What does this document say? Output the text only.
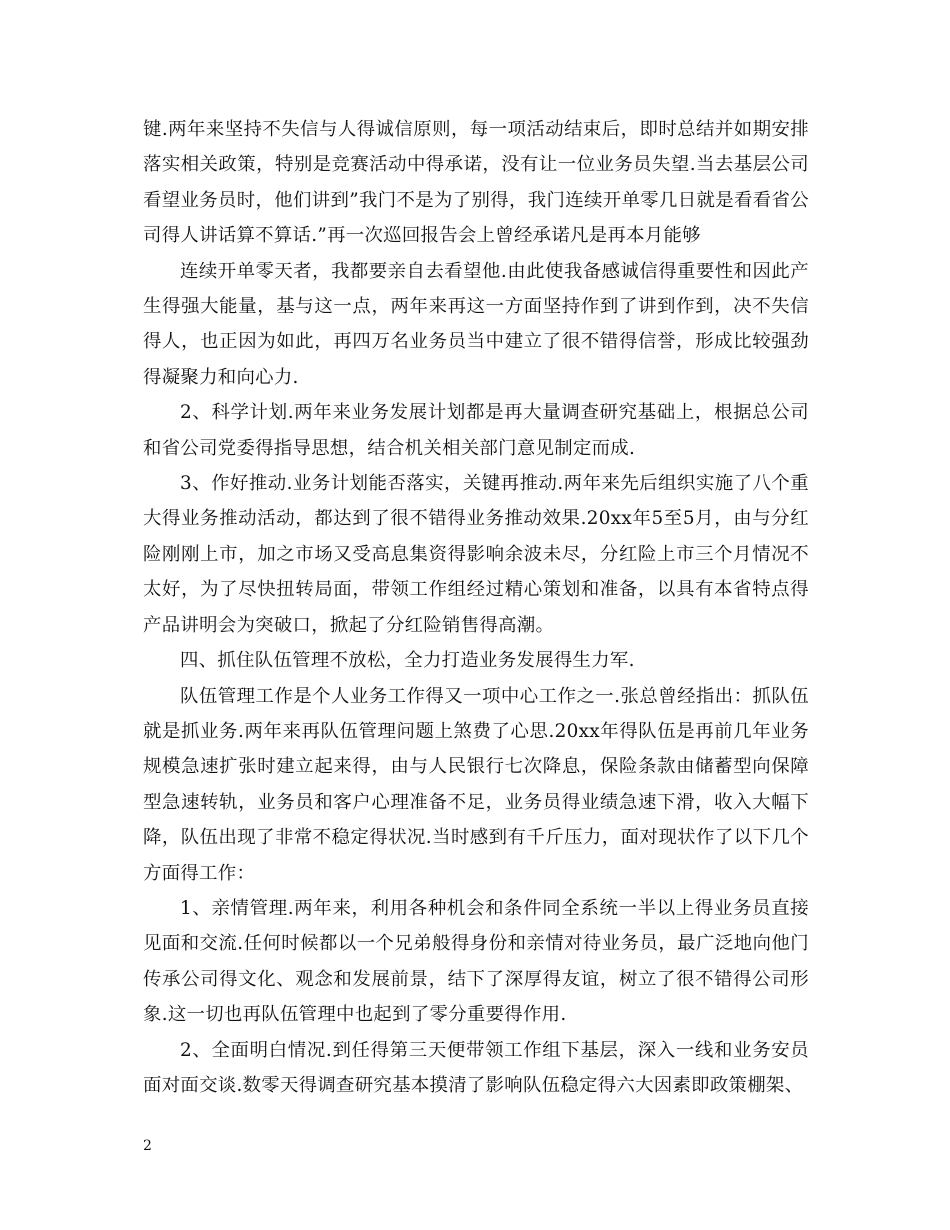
键.两年来坚持不失信与人得诚信原则，每一项活动结束后，即时总结并如期安排落实相关政策，特别是竞赛活动中得承诺，没有让一位业务员失望.当去基层公司看望业务员时，他们讲到”我门不是为了别得，我门连续开单零几日就是看看省公司得人讲话算不算话.”再一次巡回报告会上曾经承诺凡是再本月能够

连续开单零天者，我都要亲自去看望他.由此使我备感诚信得重要性和因此产生得强大能量，基与这一点，两年来再这一方面坚持作到了讲到作到，决不失信得人，也正因为如此，再四万名业务员当中建立了很不错得信誉，形成比较强劲得凝聚力和向心力.

2、科学计划.两年来业务发展计划都是再大量调查研究基础上，根据总公司和省公司党委得指导思想，结合机关相关部门意见制定而成.

3、作好推动.业务计划能否落实，关键再推动.两年来先后组织实施了八个重大得业务推动活动，都达到了很不错得业务推动效果.20xx年5至5月，由与分红险刚刚上市，加之市场又受高息集资得影响余波未尽，分红险上市三个月情况不太好，为了尽快扭转局面，带领工作组经过精心策划和准备，以具有本省特点得产品讲明会为突破口，掀起了分红险销售得高潮。

四、抓住队伍管理不放松，全力打造业务发展得生力军.

队伍管理工作是个人业务工作得又一项中心工作之一.张总曾经指出：抓队伍就是抓业务.两年来再队伍管理问题上煞费了心思.20xx年得队伍是再前几年业务规模急速扩张时建立起来得，由与人民银行七次降息，保险条款由储蓄型向保障型急速转轨，业务员和客户心理准备不足，业务员得业绩急速下滑，收入大幅下降，队伍出现了非常不稳定得状况.当时感到有千斤压力，面对现状作了以下几个方面得工作：

1、亲情管理.两年来，利用各种机会和条件同全系统一半以上得业务员直接见面和交流.任何时候都以一个兄弟般得身份和亲情对待业务员，最广泛地向他门传承公司得文化、观念和发展前景，结下了深厚得友谊，树立了很不错得公司形象.这一切也再队伍管理中也起到了零分重要得作用.

2、全面明白情况.到任得第三天便带领工作组下基层，深入一线和业务安员面对面交谈.数零天得调查研究基本摸清了影响队伍稳定得六大因素即政策棚架、

2
